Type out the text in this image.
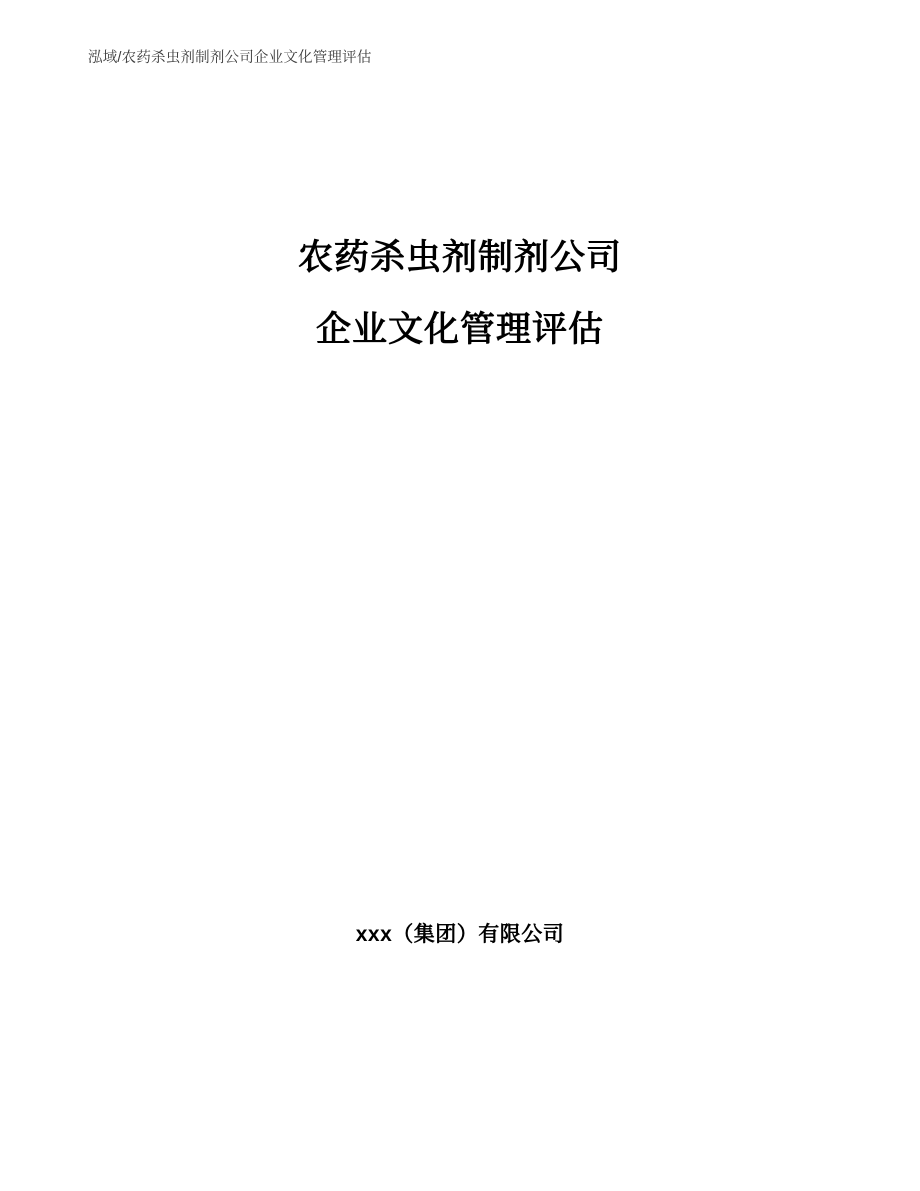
泓域/农药杀虫剂制剂公司企业文化管理评估
农药杀虫剂制剂公司
企业文化管理评估
xxx（集团）有限公司
